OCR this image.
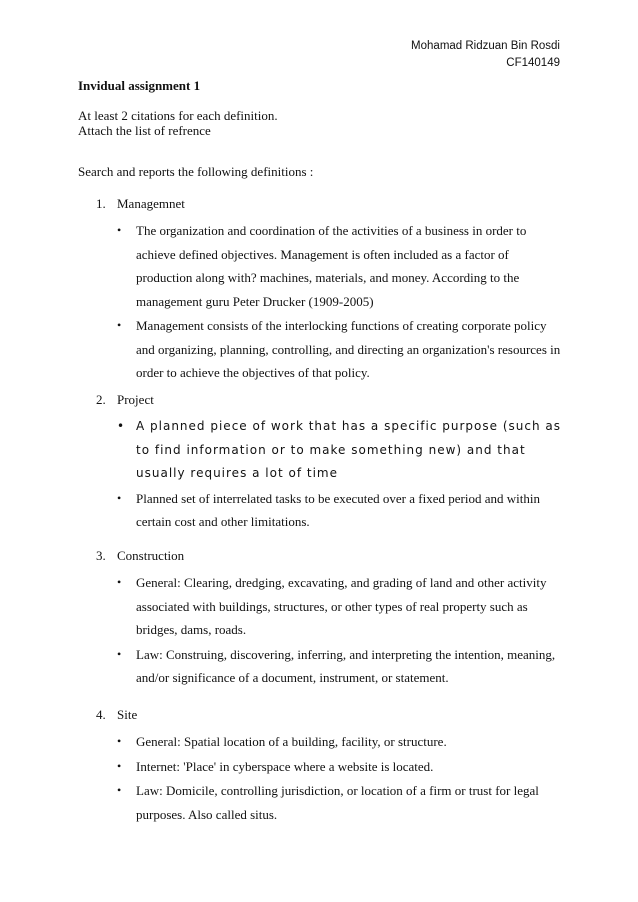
Mohamad Ridzuan Bin Rosdi
CF140149
Invidual assignment 1
At least 2 citations for each definition.
Attach the list of refrence
Search and reports the following definitions :
1. Managemnet
• The organization and coordination of the activities of a business in order to achieve defined objectives. Management is often included as a factor of production along with? machines, materials, and money. According to the management guru Peter Drucker (1909-2005)
• Management consists of the interlocking functions of creating corporate policy and organizing, planning, controlling, and directing an organization's resources in order to achieve the objectives of that policy.
2. Project
• A planned piece of work that has a specific purpose (such as to find information or to make something new) and that usually requires a lot of time
• Planned set of interrelated tasks to be executed over a fixed period and within certain cost and other limitations.
3. Construction
• General: Clearing, dredging, excavating, and grading of land and other activity associated with buildings, structures, or other types of real property such as bridges, dams, roads.
• Law: Construing, discovering, inferring, and interpreting the intention, meaning, and/or significance of a document, instrument, or statement.
4. Site
• General: Spatial location of a building, facility, or structure.
• Internet: 'Place' in cyberspace where a website is located.
• Law: Domicile, controlling jurisdiction, or location of a firm or trust for legal purposes. Also called situs.
